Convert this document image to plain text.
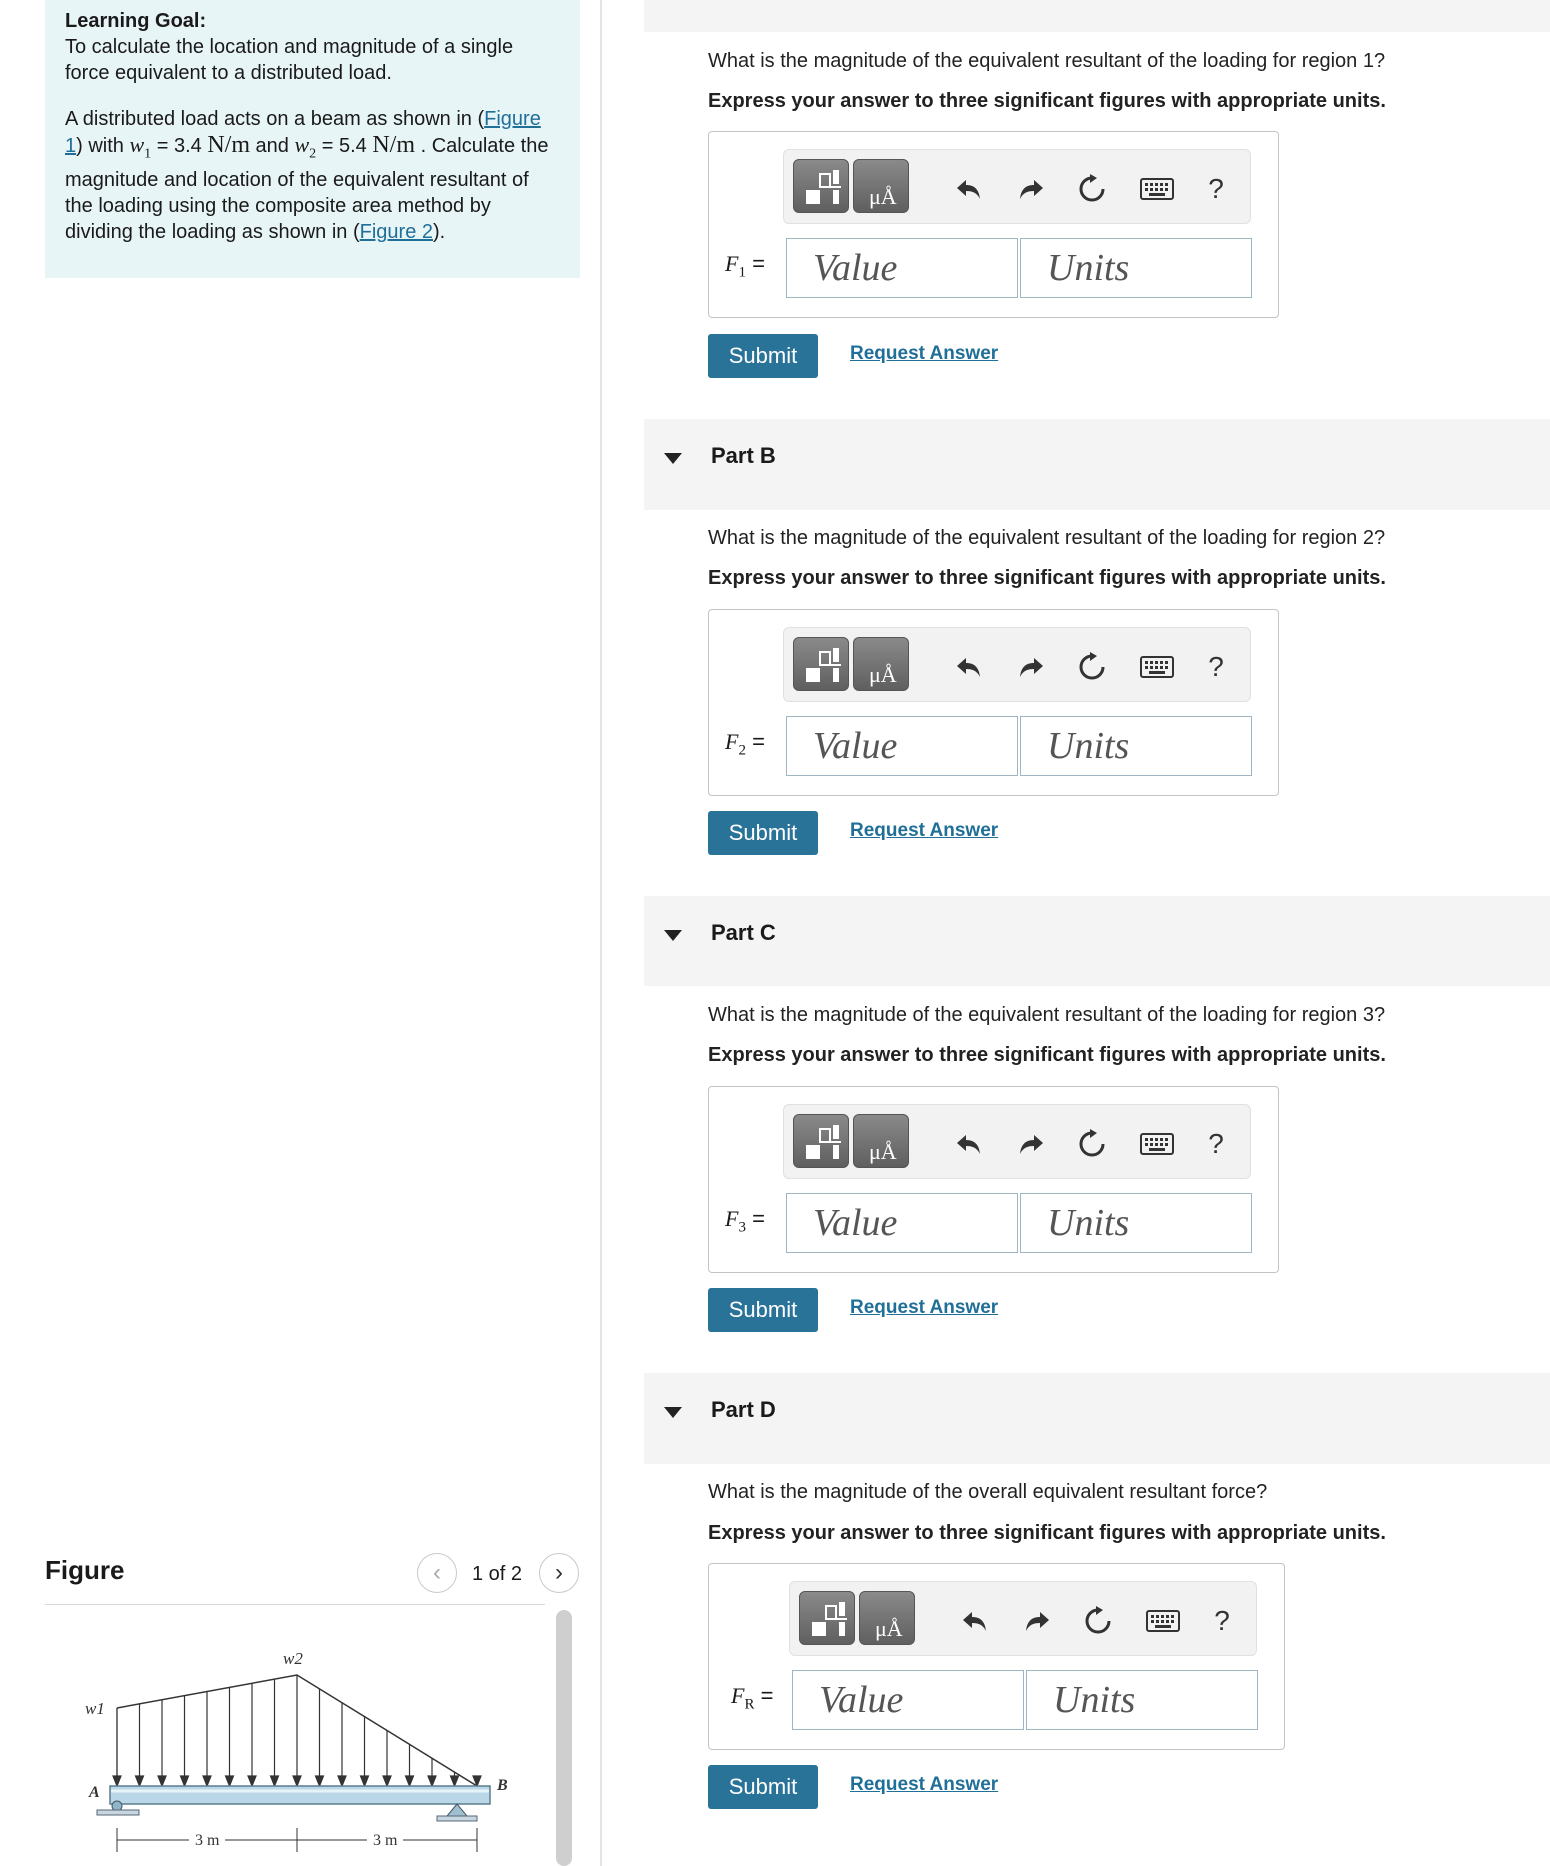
Learning Goal:
To calculate the location and magnitude of a single force equivalent to a distributed load.
A distributed load acts on a beam as shown in (Figure 1) with $w_1 = 3.4$ N/m and $w_2 = 5.4$ N/m . Calculate the magnitude and location of the equivalent resultant of the loading using the composite area method by dividing the loading as shown in (Figure 2).
Figure	‹ 1 of 2 ›
w1
w2
A	B
3 m	3 m
What is the magnitude of the equivalent resultant of the loading for region 1?
Express your answer to three significant figures with appropriate units.
μÅ	?
$F_1$ =	Value	Units
Submit	Request Answer
Part B
What is the magnitude of the equivalent resultant of the loading for region 2?
Express your answer to three significant figures with appropriate units.
μÅ	?
$F_2$ =	Value	Units
Submit	Request Answer
Part C
What is the magnitude of the equivalent resultant of the loading for region 3?
Express your answer to three significant figures with appropriate units.
μÅ	?
$F_3$ =	Value	Units
Submit	Request Answer
Part D
What is the magnitude of the overall equivalent resultant force?
Express your answer to three significant figures with appropriate units.
μÅ	?
$F_R$ =	Value	Units
Submit	Request Answer
